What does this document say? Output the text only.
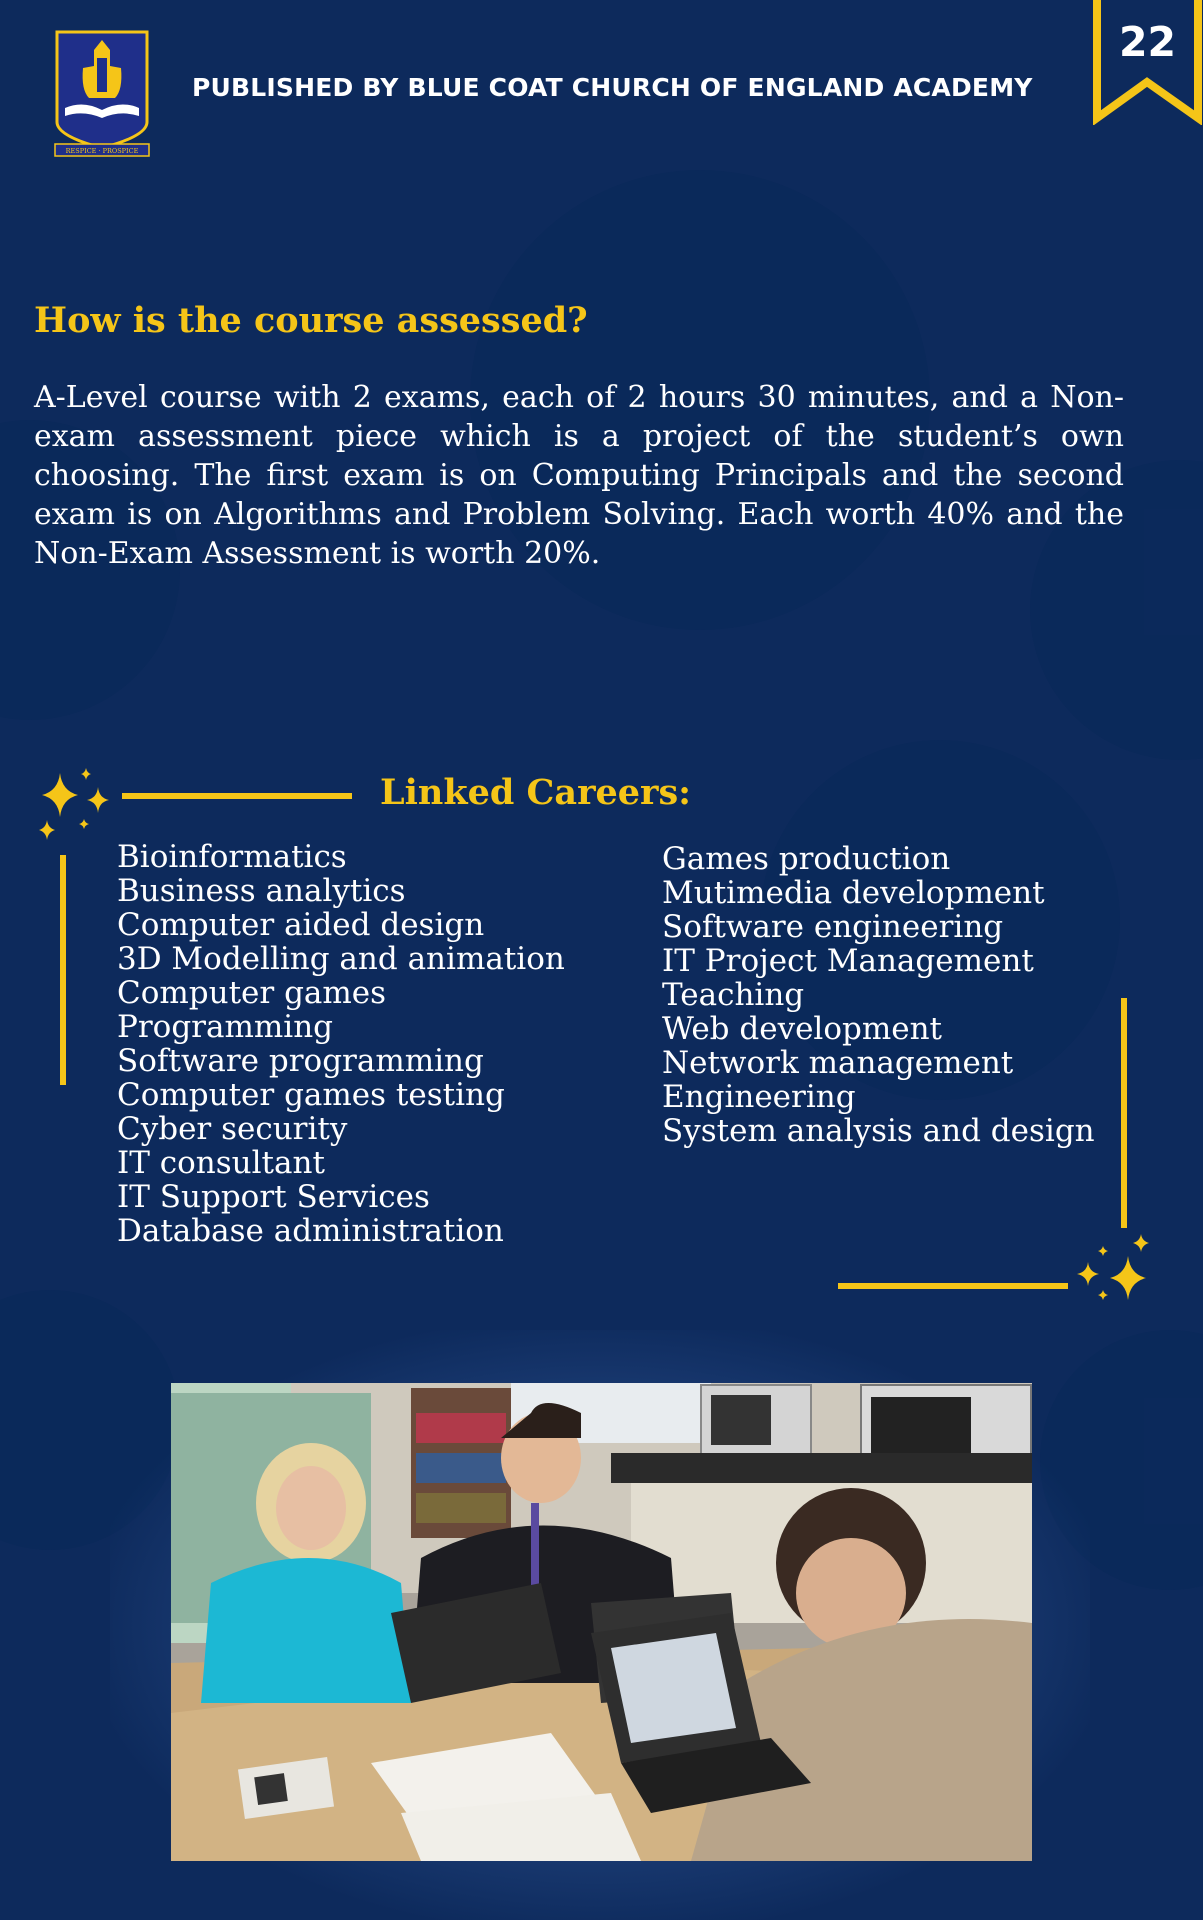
RESPICE · PROSPICE
PUBLISHED BY BLUE COAT CHURCH OF ENGLAND ACADEMY
22
How is the course assessed?
A-Level course with 2 exams, each of 2 hours 30 minutes, and a Non-exam assessment piece which is a project of the student’s own choosing. The first exam is on Computing Principals and the second exam is on Algorithms and Problem Solving. Each worth 40% and the Non-Exam Assessment is worth 20%.
Linked Careers:
Bioinformatics
Business analytics
Computer aided design
3D Modelling and animation
Computer games
Programming
Software programming
Computer games testing
Cyber security
IT consultant
IT Support Services
Database administration
Games production
Mutimedia development
Software engineering
IT Project Management
Teaching
Web development
Network management
Engineering
System analysis and design
